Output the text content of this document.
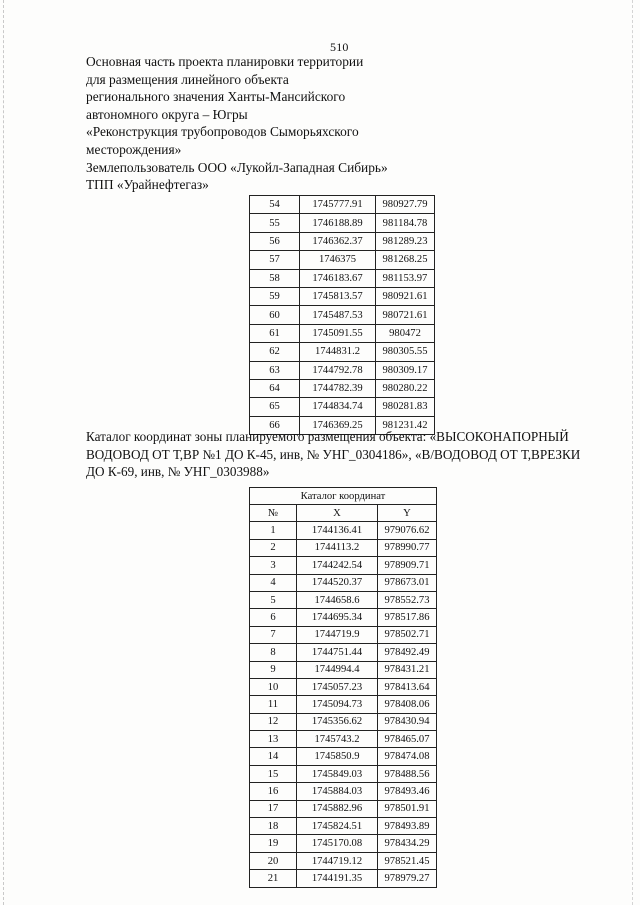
510
Основная часть проекта планировки территории
для размещения линейного объекта
регионального значения Ханты-Мансийского
автономного округа – Югры
«Реконструкция трубопроводов Сыморьяхского
месторождения»
Землепользователь ООО «Лукойл-Западная Сибирь»
ТПП «Урайнефтегаз»
54	1745777.91	980927.79
55	1746188.89	981184.78
56	1746362.37	981289.23
57	1746375	981268.25
58	1746183.67	981153.97
59	1745813.57	980921.61
60	1745487.53	980721.61
61	1745091.55	980472
62	1744831.2	980305.55
63	1744792.78	980309.17
64	1744782.39	980280.22
65	1744834.74	980281.83
66	1746369.25	981231.42
Каталог координат зоны планируемого размещения объекта: «ВЫСОКОНАПОРНЫЙ ВОДОВОД ОТ Т,ВР №1 ДО К-45, инв, № УНГ_0304186», «В/ВОДОВОД ОТ Т,ВРЕЗКИ ДО К-69, инв, № УНГ_0303988»
Каталог координат		
№	X	Y
1	1744136.41	979076.62
2	1744113.2	978990.77
3	1744242.54	978909.71
4	1744520.37	978673.01
5	1744658.6	978552.73
6	1744695.34	978517.86
7	1744719.9	978502.71
8	1744751.44	978492.49
9	1744994.4	978431.21
10	1745057.23	978413.64
11	1745094.73	978408.06
12	1745356.62	978430.94
13	1745743.2	978465.07
14	1745850.9	978474.08
15	1745849.03	978488.56
16	1745884.03	978493.46
17	1745882.96	978501.91
18	1745824.51	978493.89
19	1745170.08	978434.29
20	1744719.12	978521.45
21	1744191.35	978979.27
